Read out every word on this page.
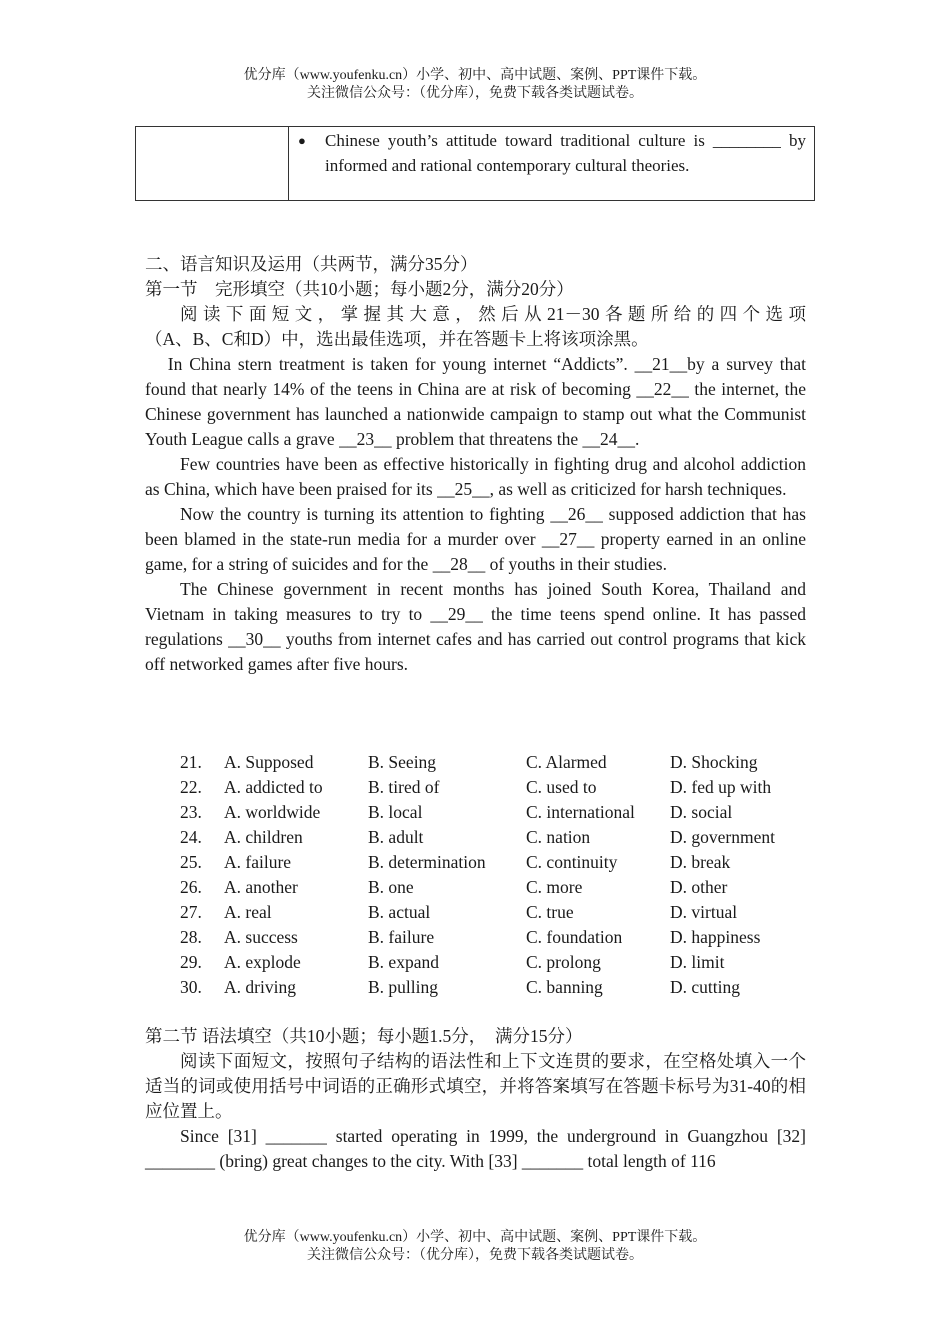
优分库（www.youfenku.cn）小学、初中、高中试题、案例、PPT课件下载。
关注微信公众号：（优分库），免费下载各类试题试卷。
● Chinese youth’s attitude toward traditional culture is ________ by informed and rational contemporary cultural theories.

二、语言知识及运用（共两节，满分35分）

第一节　完形填空（共10小题；每小题2分，满分20分）

阅读下面短文，掌握其大意，然后从21－30各题所给的四个选项

（A、B、C和D）中，选出最佳选项，并在答题卡上将该项涂黑。

In China stern treatment is taken for young internet “Addicts”. __21__by a survey that found that nearly 14% of the teens in China are at risk of becoming __22__ the internet, the Chinese government has launched a nationwide campaign to stamp out what the Communist Youth League calls a grave __23__ problem that threatens the __24__.

Few countries have been as effective historically in fighting drug and alcohol addiction as China, which have been praised for its __25__, as well as criticized for harsh techniques.

Now the country is turning its attention to fighting __26__ supposed addiction that has been blamed in the state-run media for a murder over __27__ property earned in an online game, for a string of suicides and for the __28__ of youths in their studies.

The Chinese government in recent months has joined South Korea, Thailand and Vietnam in taking measures to try to __29__ the time teens spend online. It has passed regulations __30__ youths from internet cafes and has carried out control programs that kick off networked games after five hours.

21. A. Supposed	B. Seeing	C. Alarmed	D. Shocking
22. A. addicted to	B. tired of	C. used to	D. fed up with
23. A. worldwide	B. local	C. international D. social
24. A. children	B. adult	C. nation	D. government
25. A. failure	B. determination C. continuity	D. break
26. A. another	B. one	C. more	D. other
27. A. real	B. actual	C. true	D. virtual
28. A. success	B. failure	C. foundation	D. happiness
29. A. explode	B. expand	C. prolong	D. limit
30. A. driving	B. pulling	C. banning	D. cutting

第二节 语法填空（共10小题；每小题1.5分，　满分15分）

阅读下面短文，按照句子结构的语法性和上下文连贯的要求，在空格处填入一个适当的词或使用括号中词语的正确形式填空，并将答案填写在答题卡标号为31-40的相应位置上。

Since [31] _______ started operating in 1999, the underground in Guangzhou [32] ________ (bring) great changes to the city. With [33] _______ total length of 116

优分库（www.youfenku.cn）小学、初中、高中试题、案例、PPT课件下载。
关注微信公众号：（优分库），免费下载各类试题试卷。
